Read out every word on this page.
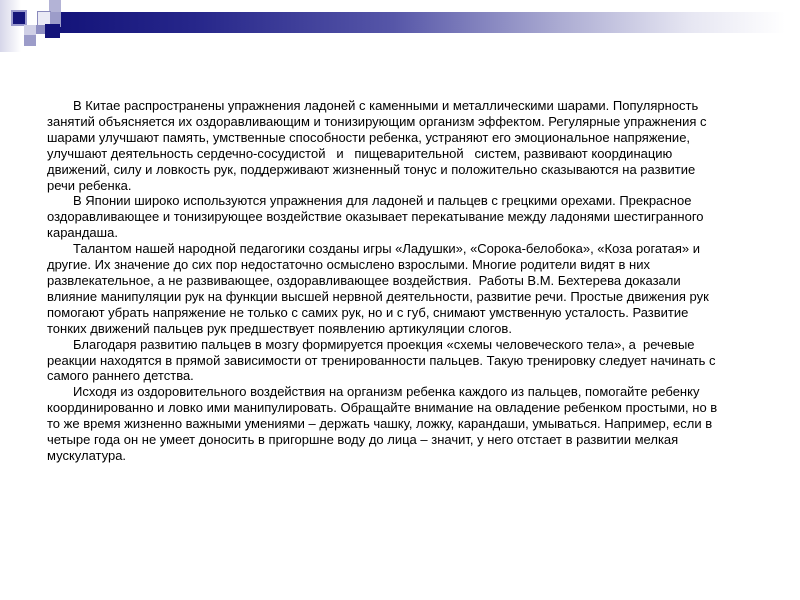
В Китае распространены упражнения ладоней с каменными и металлическими шарами. Популярность
занятий объясняется их оздоравливающим и тонизирующим организм эффектом. Регулярные упражнения с
шарами улучшают память, умственные способности ребенка, устраняют его эмоциональное напряжение,
улучшают деятельность сердечно-сосудистой   и   пищеварительной   систем, развивают координацию
движений, силу и ловкость рук, поддерживают жизненный тонус и положительно сказываются на развитие
речи ребенка.
В Японии широко используются упражнения для ладоней и пальцев с грецкими орехами. Прекрасное
оздоравливающее и тонизирующее воздействие оказывает перекатывание между ладонями шестигранного
карандаша.
Талантом нашей народной педагогики созданы игры «Ладушки», «Сорока-белобока», «Коза рогатая» и
другие. Их значение до сих пор недостаточно осмыслено взрослыми. Многие родители видят в них
развлекательное, а не развивающее, оздоравливающее воздействия.  Работы В.М. Бехтерева доказали
влияние манипуляции рук на функции высшей нервной деятельности, развитие речи. Простые движения рук
помогают убрать напряжение не только с самих рук, но и с губ, снимают умственную усталость. Развитие
тонких движений пальцев рук предшествует появлению артикуляции слогов.
Благодаря развитию пальцев в мозгу формируется проекция «схемы человеческого тела», а  речевые
реакции находятся в прямой зависимости от тренированности пальцев. Такую тренировку следует начинать с
самого раннего детства.
Исходя из оздоровительного воздействия на организм ребенка каждого из пальцев, помогайте ребенку
координированно и ловко ими манипулировать. Обращайте внимание на овладение ребенком простыми, но в
то же время жизненно важными умениями – держать чашку, ложку, карандаши, умываться. Например, если в
четыре года он не умеет доносить в пригоршне воду до лица – значит, у него отстает в развитии мелкая
мускулатура.
